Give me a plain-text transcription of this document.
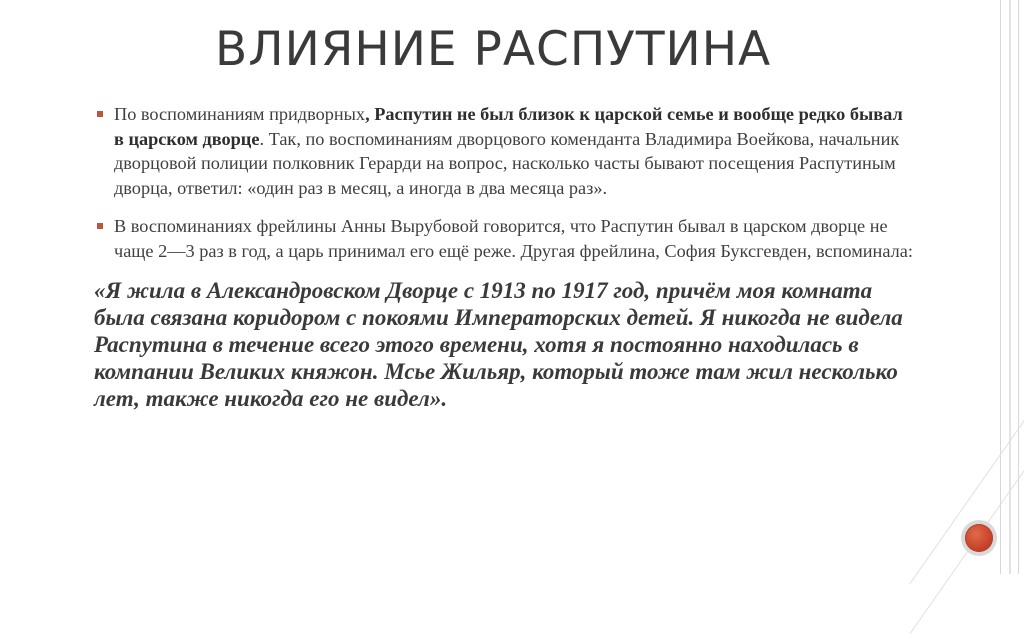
ВЛИЯНИЕ РАСПУТИНА
По воспоминаниям придворных, Распутин не был близок к царской семье и вообще редко бывал в царском дворце. Так, по воспоминаниям дворцового коменданта Владимира Воейкова, начальник дворцовой полиции полковник Герарди на вопрос, насколько часты бывают посещения Распутиным дворца, ответил: «один раз в месяц, а иногда в два месяца раз».
В воспоминаниях фрейлины Анны Вырубовой говорится, что Распутин бывал в царском дворце не чаще 2—3 раз в год, а царь принимал его ещё реже. Другая фрейлина, София Буксгевден, вспоминала:
«Я жила в Александровском Дворце с 1913 по 1917 год, причём моя комната была связана коридором с покоями Императорских детей. Я никогда не видела Распутина в течение всего этого времени, хотя я постоянно находилась в компании Великих княжон. Мсье Жильяр, который тоже там жил несколько лет, также никогда его не видел».
